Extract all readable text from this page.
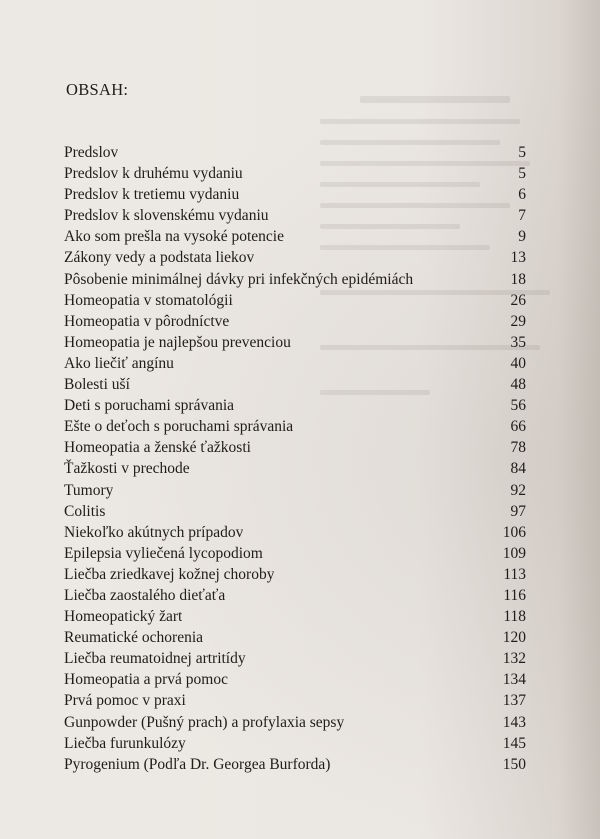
OBSAH:
Predslov	5
Predslov k druhému vydaniu	5
Predslov k tretiemu vydaniu	6
Predslov k slovenskému vydaniu	7
Ako som prešla na vysoké potencie	9
Zákony vedy a podstata liekov	13
Pôsobenie minimálnej dávky pri infekčných epidémiách	18
Homeopatia v stomatológii	26
Homeopatia v pôrodníctve	29
Homeopatia je najlepšou prevenciou	35
Ako liečiť angínu	40
Bolesti uší	48
Deti s poruchami správania	56
Ešte o deťoch s poruchami správania	66
Homeopatia a ženské ťažkosti	78
Ťažkosti v prechode	84
Tumory	92
Colitis	97
Niekoľko akútnych prípadov	106
Epilepsia vyliečená lycopodiom	109
Liečba zriedkavej kožnej choroby	113
Liečba zaostalého dieťaťa	116
Homeopatický žart	118
Reumatické ochorenia	120
Liečba reumatoidnej artritídy	132
Homeopatia a prvá pomoc	134
Prvá pomoc v praxi	137
Gunpowder (Pušný prach) a profylaxia sepsy	143
Liečba furunkulózy	145
Pyrogenium (Podľa Dr. Georgea Burforda)	150
